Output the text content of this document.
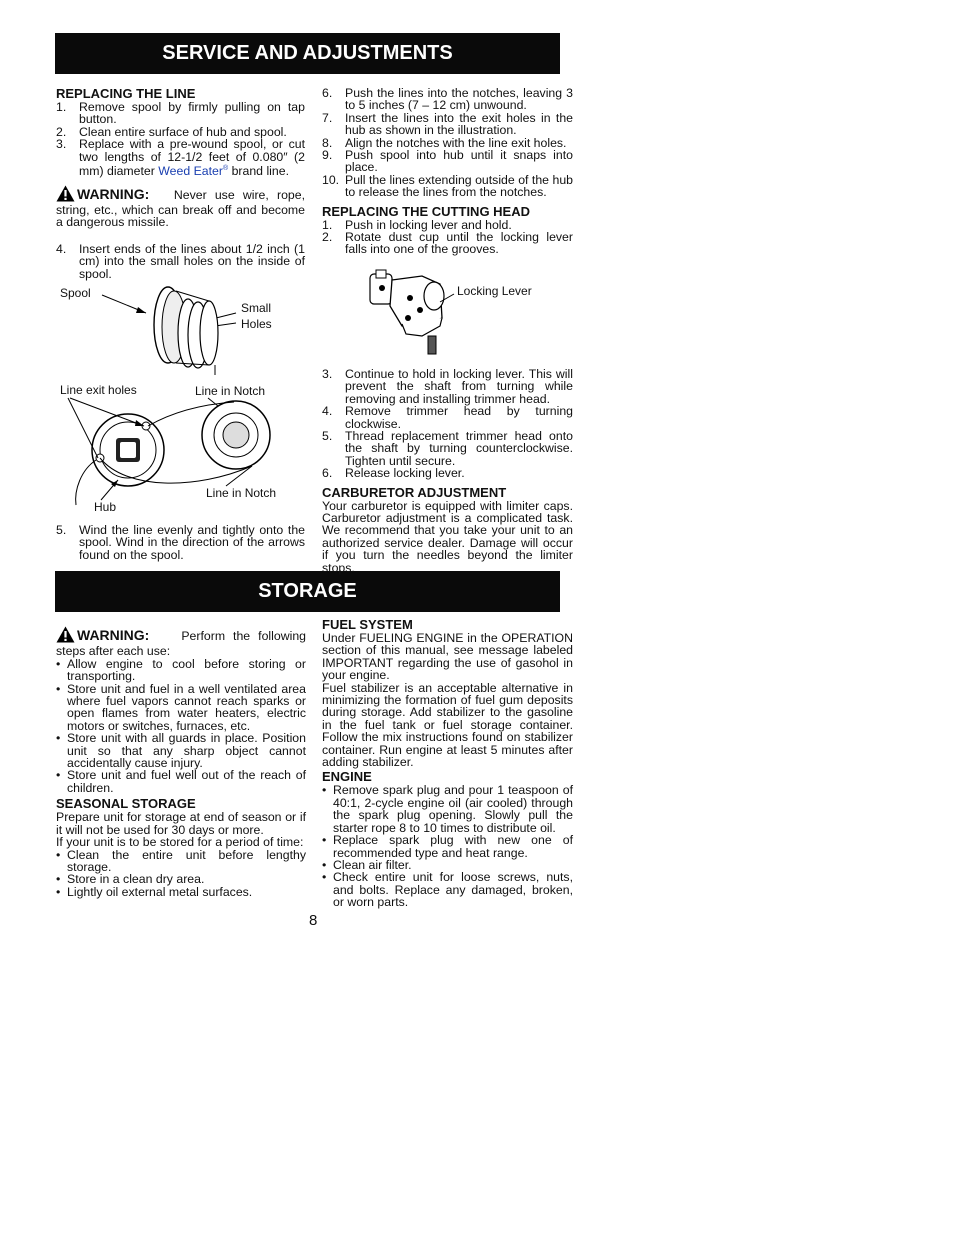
SERVICE AND ADJUSTMENTS
STORAGE
REPLACING THE LINE
1.	Remove spool by firmly pulling on tap button.
2.	Clean entire surface of hub and spool.
3.	Replace with a pre-wound spool, or cut two lengths of 12-1/2 feet of 0.080″ (2 mm) diameter Weed Eater® brand line.
WARNING: Never use wire, rope, string, etc., which can break off and become a dangerous missile.
4.	Insert ends of the lines about 1/2 inch (1 cm) into the small holes on the inside of spool.
Spool
Small
Holes
Line exit holes	Line in Notch
Line in Notch
Hub
5.	Wind the line evenly and tightly onto the spool. Wind in the direction of the arrows found on the spool.
6.	Push the lines into the notches, leaving 3 to 5 inches (7 – 12 cm) unwound.
7.	Insert the lines into the exit holes in the hub as shown in the illustration.
8.	Align the notches with the line exit holes.
9.	Push spool into hub until it snaps into place.
10. Pull the lines extending outside of the hub to release the lines from the notches.
REPLACING THE CUTTING HEAD
1.	Push in locking lever and hold.
2.	Rotate dust cup until the locking lever falls into one of the grooves.
Locking Lever
3.	Continue to hold in locking lever. This will prevent the shaft from turning while removing and installing trimmer head.
4.	Remove trimmer head by turning clockwise.
5.	Thread replacement trimmer head onto the shaft by turning counterclockwise. Tighten until secure.
6.	Release locking lever.
CARBURETOR ADJUSTMENT
Your carburetor is equipped with limiter caps. Carburetor adjustment is a complicated task. We recommend that you take your unit to an authorized service dealer. Damage will occur if you turn the needles beyond the limiter stops.
WARNING:	Perform the following steps after each use:
• Allow engine to cool before storing or transporting.
• Store unit and fuel in a well ventilated area where fuel vapors cannot reach sparks or open flames from water heaters, electric motors or switches, furnaces, etc.
• Store unit with all guards in place. Position unit so that any sharp object cannot accidentally cause injury.
• Store unit and fuel well out of the reach of children.
SEASONAL STORAGE
Prepare unit for storage at end of season or if it will not be used for 30 days or more.
If your unit is to be stored for a period of time:
• Clean the entire unit before lengthy storage.
• Store in a clean dry area.
• Lightly oil external metal surfaces.
FUEL SYSTEM
Under FUELING ENGINE in the OPERATION section of this manual, see message labeled IMPORTANT regarding the use of gasohol in your engine.
Fuel stabilizer is an acceptable alternative in minimizing the formation of fuel gum deposits during storage. Add stabilizer to the gasoline in the fuel tank or fuel storage container. Follow the mix instructions found on stabilizer container. Run engine at least 5 minutes after adding stabilizer.
ENGINE
• Remove spark plug and pour 1 teaspoon of 40:1, 2-cycle engine oil (air cooled) through the spark plug opening. Slowly pull the starter rope 8 to 10 times to distribute oil.
• Replace spark plug with new one of recommended type and heat range.
• Clean air filter.
• Check entire unit for loose screws, nuts, and bolts. Replace any damaged, broken, or worn parts.
8
